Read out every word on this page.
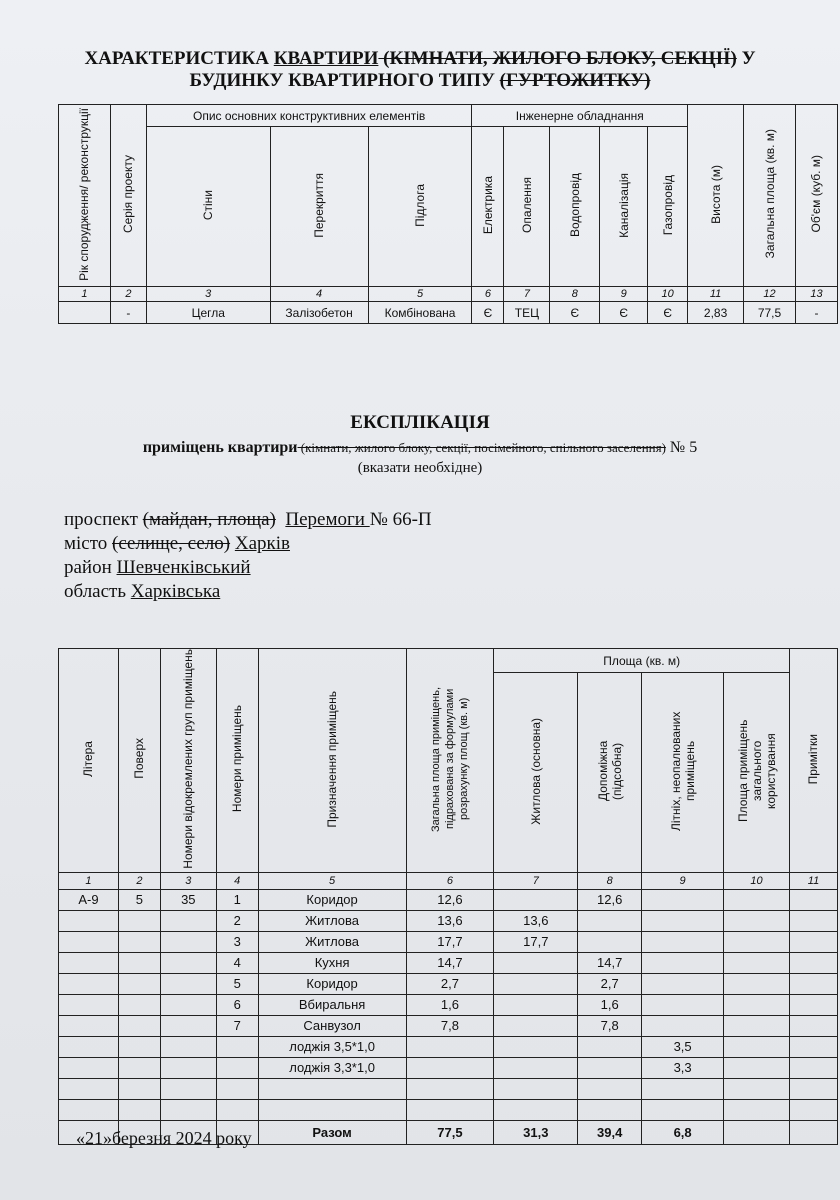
ХАРАКТЕРИСТИКА КВАРТИРИ (КІМНАТИ, ЖИЛОГО БЛОКУ, СЕКЦІЇ) У
БУДИНКУ КВАРТИРНОГО ТИПУ (ГУРТОЖИТКУ)
Рік спорудження/ реконструкції	Серія проекту	Опис основних конструктивних елементів			Інженерне обладнання					Висота (м)	Загальна площа (кв. м)	Об'єм (куб. м)
		Стіни	Перекриття	Підлога	Електрика	Опалення	Водопровід	Каналізація	Газопровід			
1	2	3	4	5	6	7	8	9	10	11	12	13
	-	Цегла	Залізобетон	Комбінована	Є	ТЕЦ	Є	Є	Є	2,83	77,5	-
ЕКСПЛІКАЦІЯ
приміщень квартири (кімнати, жилого блоку, секції, посімейного, спільного заселення) № 5
(вказати необхідне)
проспект (майдан, площа) Перемоги № 66-П
місто (селище, село) Харків
район Шевченківський
область Харківська
Літера	Поверх	Номери відокремлених груп приміщень	Номери приміщень	Призначення приміщень	Загальна площа приміщень, підрахована за формулами розрахунку площ (кв. м)	Площа (кв. м)				Примітки
						Житлова (основна)	Допоміжна (підсобна)	Літніх, неопалюваних приміщень	Площа приміщень загального користування	
1	2	3	4	5	6	7	8	9	10	11
А-9	5	35	1	Коридор	12,6		12,6			
			2	Житлова	13,6	13,6				
			3	Житлова	17,7	17,7				
			4	Кухня	14,7		14,7			
			5	Коридор	2,7		2,7			
			6	Вбиральня	1,6		1,6			
			7	Санвузол	7,8		7,8			
				лоджія 3,5*1,0				3,5		
				лоджія 3,3*1,0				3,3		

				Разом	77,5	31,3	39,4	6,8		
«21»березня 2024 року
